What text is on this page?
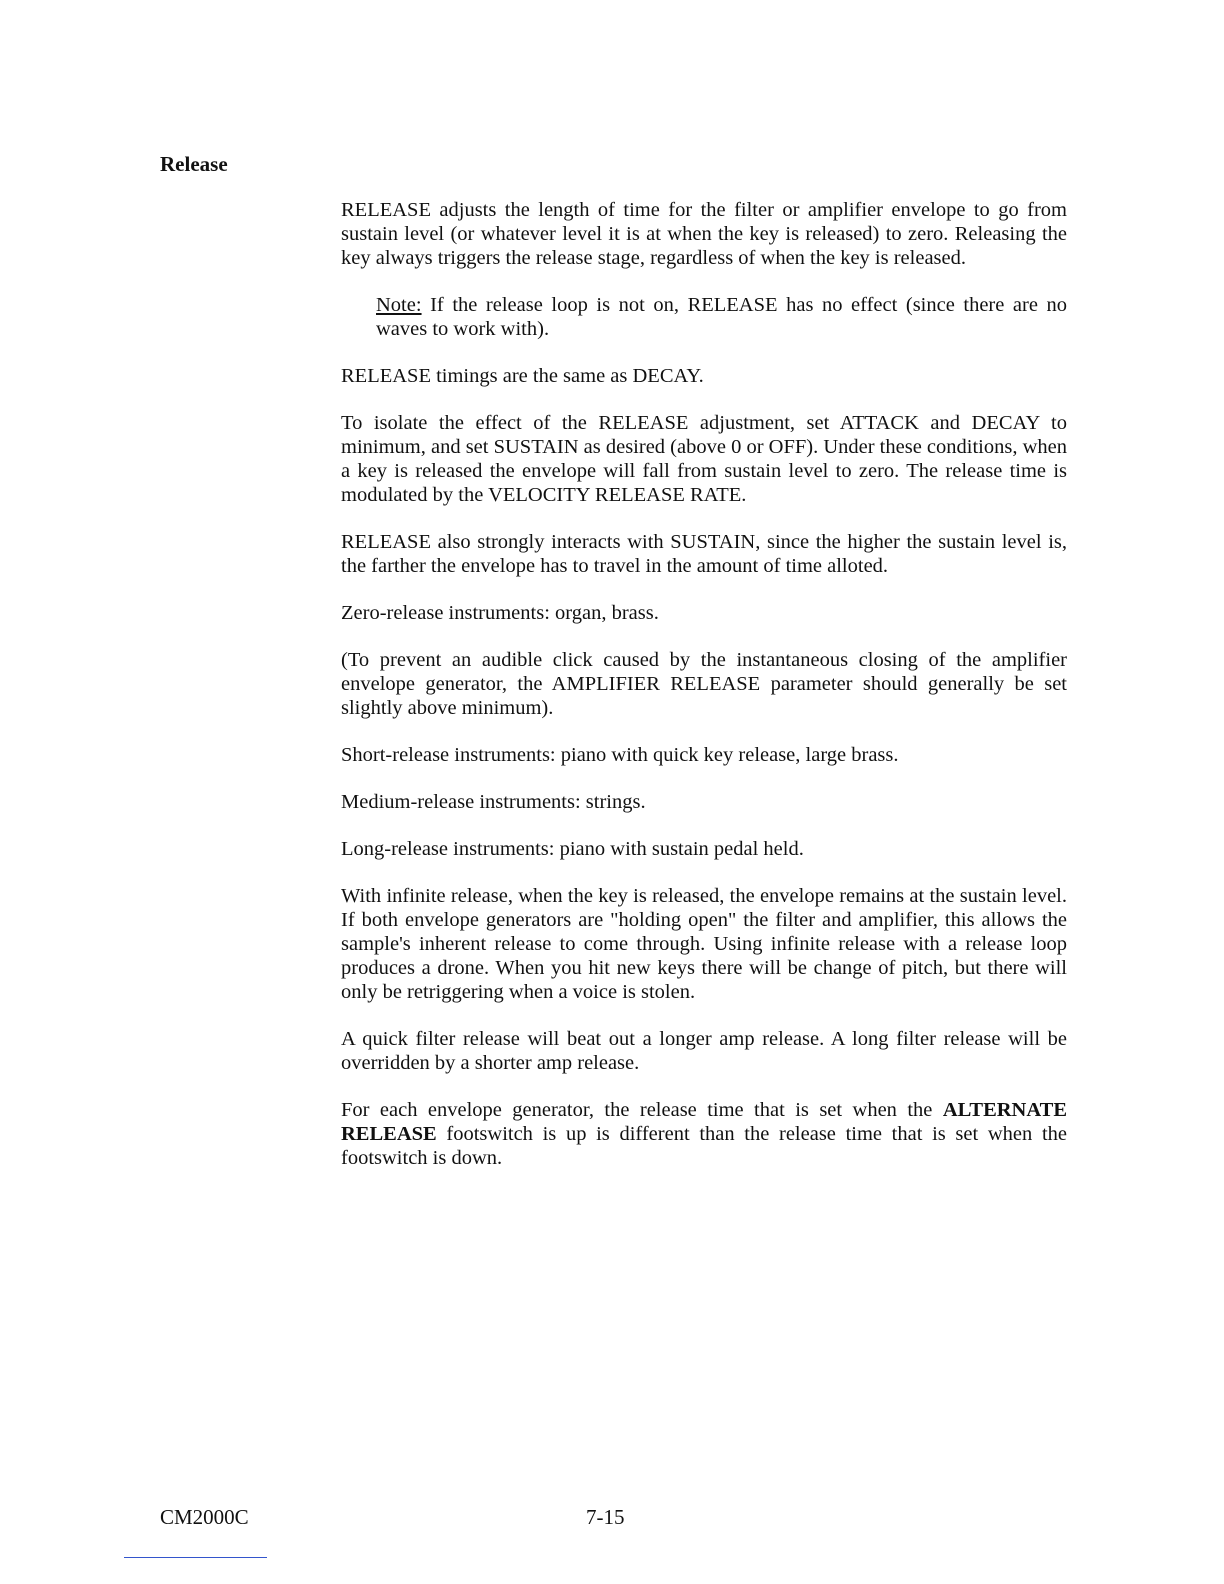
Release

RELEASE adjusts the length of time for the filter or amplifier envelope to go from sustain level (or whatever level it is at when the key is released) to zero. Releasing the key always triggers the release stage, regardless of when the key is released.

Note: If the release loop is not on, RELEASE has no effect (since there are no waves to work with).

RELEASE timings are the same as DECAY.

To isolate the effect of the RELEASE adjustment, set ATTACK and DECAY to minimum, and set SUSTAIN as desired (above 0 or OFF). Under these conditions, when a key is released the envelope will fall from sustain level to zero. The release time is modulated by the VELOCITY RELEASE RATE.

RELEASE also strongly interacts with SUSTAIN, since the higher the sustain level is, the farther the envelope has to travel in the amount of time alloted.

Zero-release instruments: organ, brass.

(To prevent an audible click caused by the instantaneous closing of the amplifier envelope generator, the AMPLIFIER RELEASE parameter should generally be set slightly above minimum).

Short-release instruments: piano with quick key release, large brass.

Medium-release instruments: strings.

Long-release instruments: piano with sustain pedal held.

With infinite release, when the key is released, the envelope remains at the sustain level. If both envelope generators are "holding open" the filter and amplifier, this allows the sample's inherent release to come through. Using infinite release with a release loop produces a drone. When you hit new keys there will be change of pitch, but there will only be retriggering when a voice is stolen.

A quick filter release will beat out a longer amp release. A long filter release will be overridden by a shorter amp release.

For each envelope generator, the release time that is set when the ALTERNATE RELEASE footswitch is up is different than the release time that is set when the footswitch is down.

CM2000C	7-15
